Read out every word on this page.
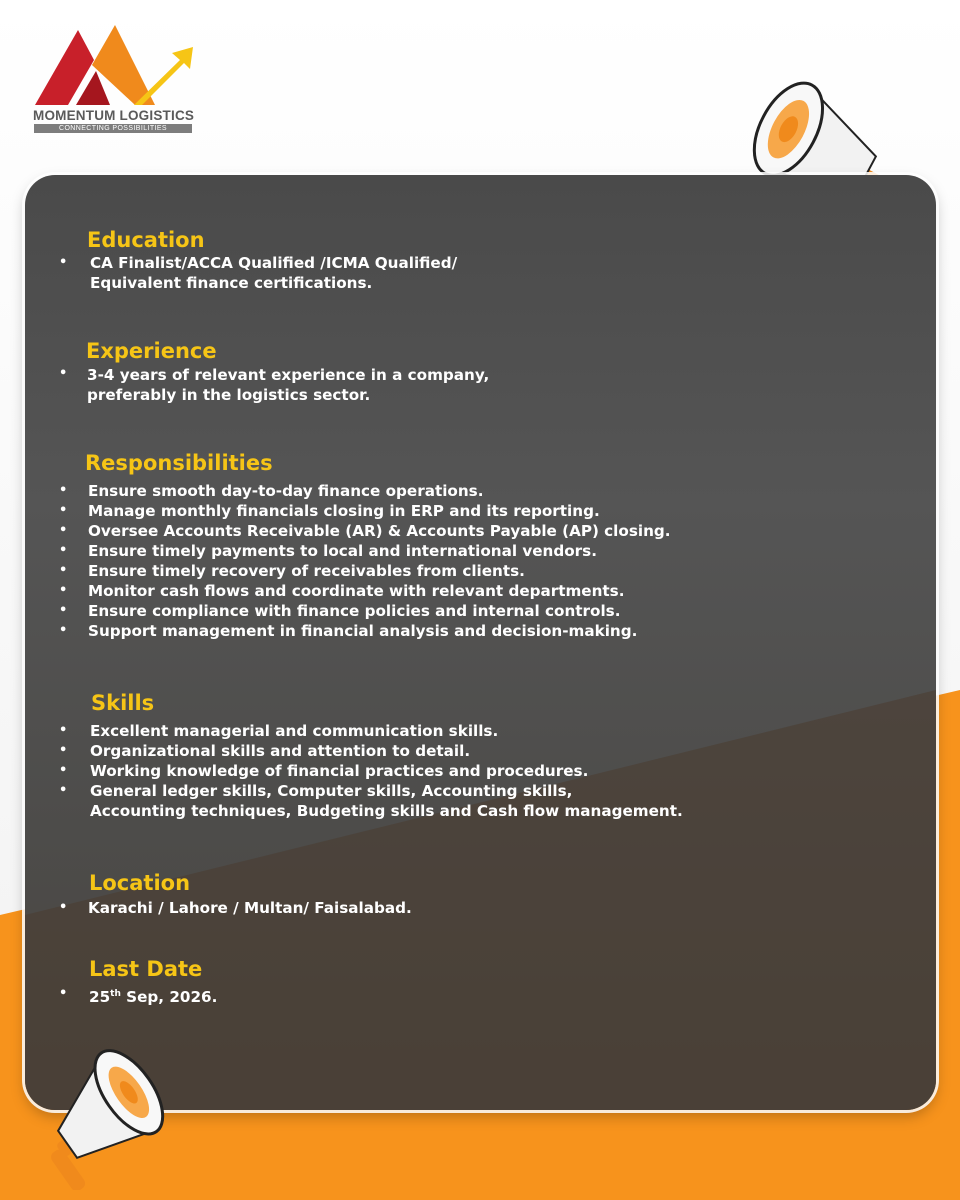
MOMENTUM LOGISTICS
CONNECTING POSSIBILITIES
Education
• CA Finalist/ACCA Qualified /ICMA Qualified/
Equivalent finance certifications.
Experience
• 3-4 years of relevant experience in a company,
preferably in the logistics sector.
Responsibilities
• Ensure smooth day-to-day finance operations.
• Manage monthly financials closing in ERP and its reporting.
• Oversee Accounts Receivable (AR) & Accounts Payable (AP) closing.
• Ensure timely payments to local and international vendors.
• Ensure timely recovery of receivables from clients.
• Monitor cash flows and coordinate with relevant departments.
• Ensure compliance with finance policies and internal controls.
• Support management in financial analysis and decision-making.
Skills
• Excellent managerial and communication skills.
• Organizational skills and attention to detail.
• Working knowledge of financial practices and procedures.
• General ledger skills, Computer skills, Accounting skills,
Accounting techniques, Budgeting skills and Cash flow management.
Location
• Karachi / Lahore / Multan/ Faisalabad.
Last Date
• 25th Sep, 2026.
